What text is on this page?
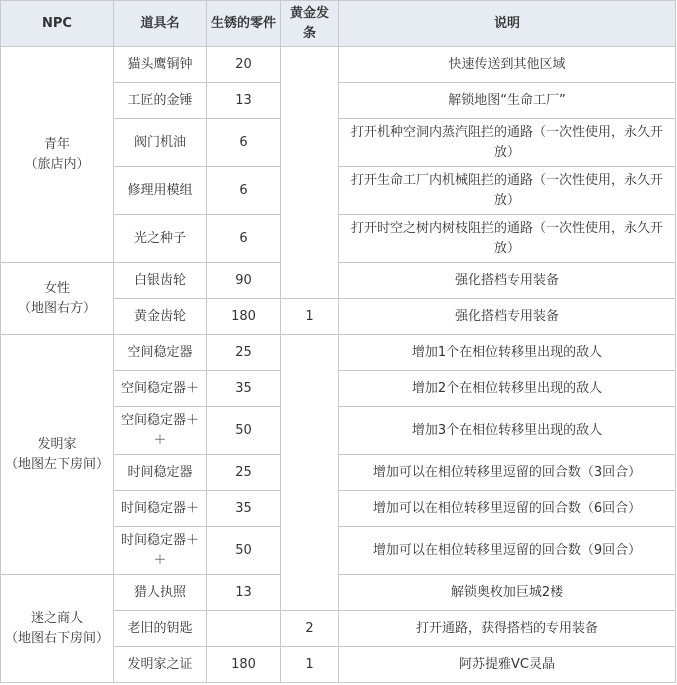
NPC	道具名	生锈的零件	黄金发条	说明
青年
（旅店内）	猫头鹰铜钟	20		快速传送到其他区域
	工匠的金锤	13		解锁地图“生命工厂”
	阀门机油	6		打开机种空洞内蒸汽阻拦的通路（一次性使用，永久开放）
	修理用模组	6		打开生命工厂内机械阻拦的通路（一次性使用，永久开放）
	光之种子	6		打开时空之树内树枝阻拦的通路（一次性使用，永久开放）
女性
（地图右方）	白银齿轮	90		强化搭档专用装备
	黄金齿轮	180	1	强化搭档专用装备
发明家
（地图左下房间）	空间稳定器	25		增加1个在相位转移里出现的敌人
	空间稳定器＋	35		增加2个在相位转移里出现的敌人
	空间稳定器＋＋	50		增加3个在相位转移里出现的敌人
	时间稳定器	25		增加可以在相位转移里逗留的回合数（3回合）
	时间稳定器＋	35		增加可以在相位转移里逗留的回合数（6回合）
	时间稳定器＋＋	50		增加可以在相位转移里逗留的回合数（9回合）
迷之商人
（地图右下房间）	猎人执照	13		解锁奥枚加巨城2楼
	老旧的钥匙		2	打开通路，获得搭档的专用装备
	发明家之证	180	1	阿苏提雅VC灵晶
